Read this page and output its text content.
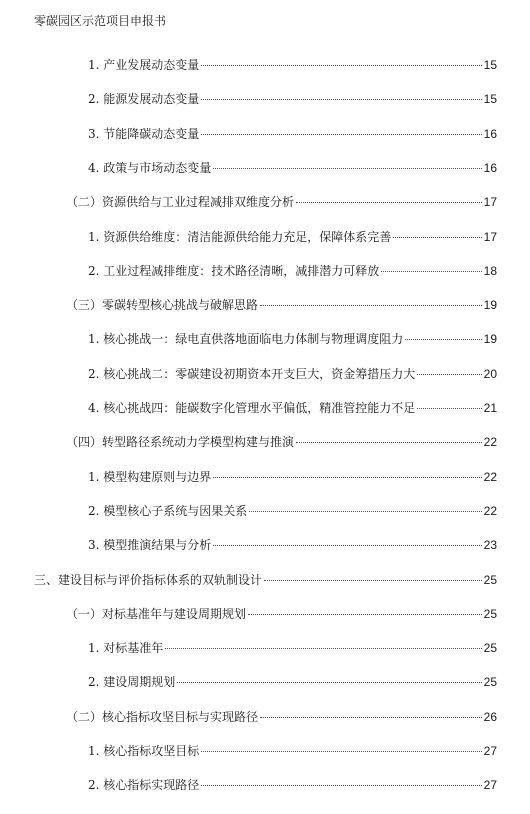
零碳园区示范项目申报书
1. 产业发展动态变量	15
2. 能源发展动态变量	15
3. 节能降碳动态变量	16
4. 政策与市场动态变量	16
（二）资源供给与工业过程减排双维度分析	17
1. 资源供给维度：清洁能源供给能力充足，保障体系完善	17
2. 工业过程减排维度：技术路径清晰，减排潜力可释放	18
（三）零碳转型核心挑战与破解思路	19
1. 核心挑战一：绿电直供落地面临电力体制与物理调度阻力	19
2. 核心挑战二：零碳建设初期资本开支巨大，资金筹措压力大	20
4. 核心挑战四：能碳数字化管理水平偏低，精准管控能力不足	21
（四）转型路径系统动力学模型构建与推演	22
1. 模型构建原则与边界	22
2. 模型核心子系统与因果关系	22
3. 模型推演结果与分析	23
三、建设目标与评价指标体系的双轨制设计	25
（一）对标基准年与建设周期规划	25
1. 对标基准年	25
2. 建设周期规划	25
（二）核心指标攻坚目标与实现路径	26
1. 核心指标攻坚目标	27
2. 核心指标实现路径	27
